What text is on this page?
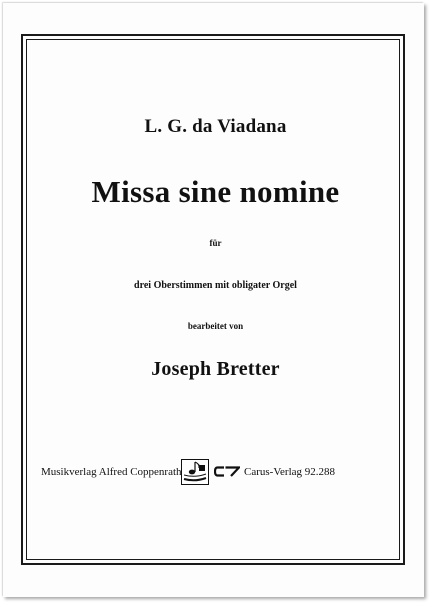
L. G. da Viadana
Missa sine nomine
für
drei Oberstimmen mit obligater Orgel
bearbeitet von
Joseph Bretter
Musikverlag Alfred Coppenrath	Carus-Verlag 92.288
